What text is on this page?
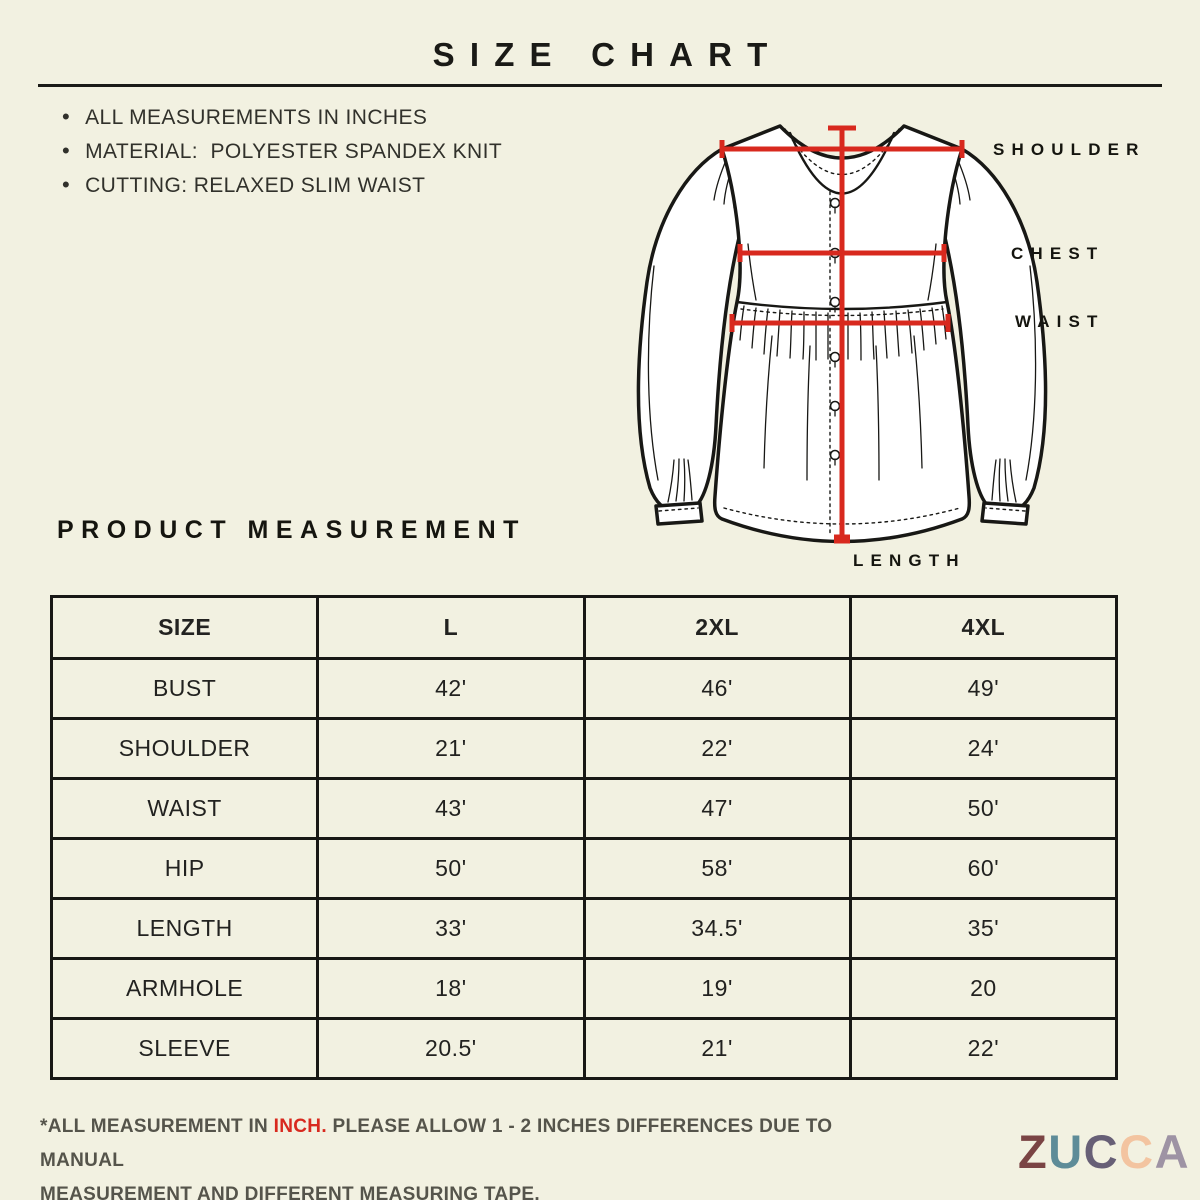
SIZE CHART
• ALL MEASUREMENTS IN INCHES
• MATERIAL:  POLYESTER SPANDEX KNIT
• CUTTING: RELAXED SLIM WAIST
SHOULDER
CHEST
WAIST
LENGTH
PRODUCT MEASUREMENT
SIZE	L	2XL	4XL
BUST	42'	46'	49'
SHOULDER	21'	22'	24'
WAIST	43'	47'	50'
HIP	50'	58'	60'
LENGTH	33'	34.5'	35'
ARMHOLE	18'	19'	20
SLEEVE	20.5'	21'	22'
*ALL MEASUREMENT IN INCH. PLEASE ALLOW 1 - 2 INCHES DIFFERENCES DUE TO MANUAL
MEASUREMENT AND DIFFERENT MEASURING TAPE.
ZUCCA
